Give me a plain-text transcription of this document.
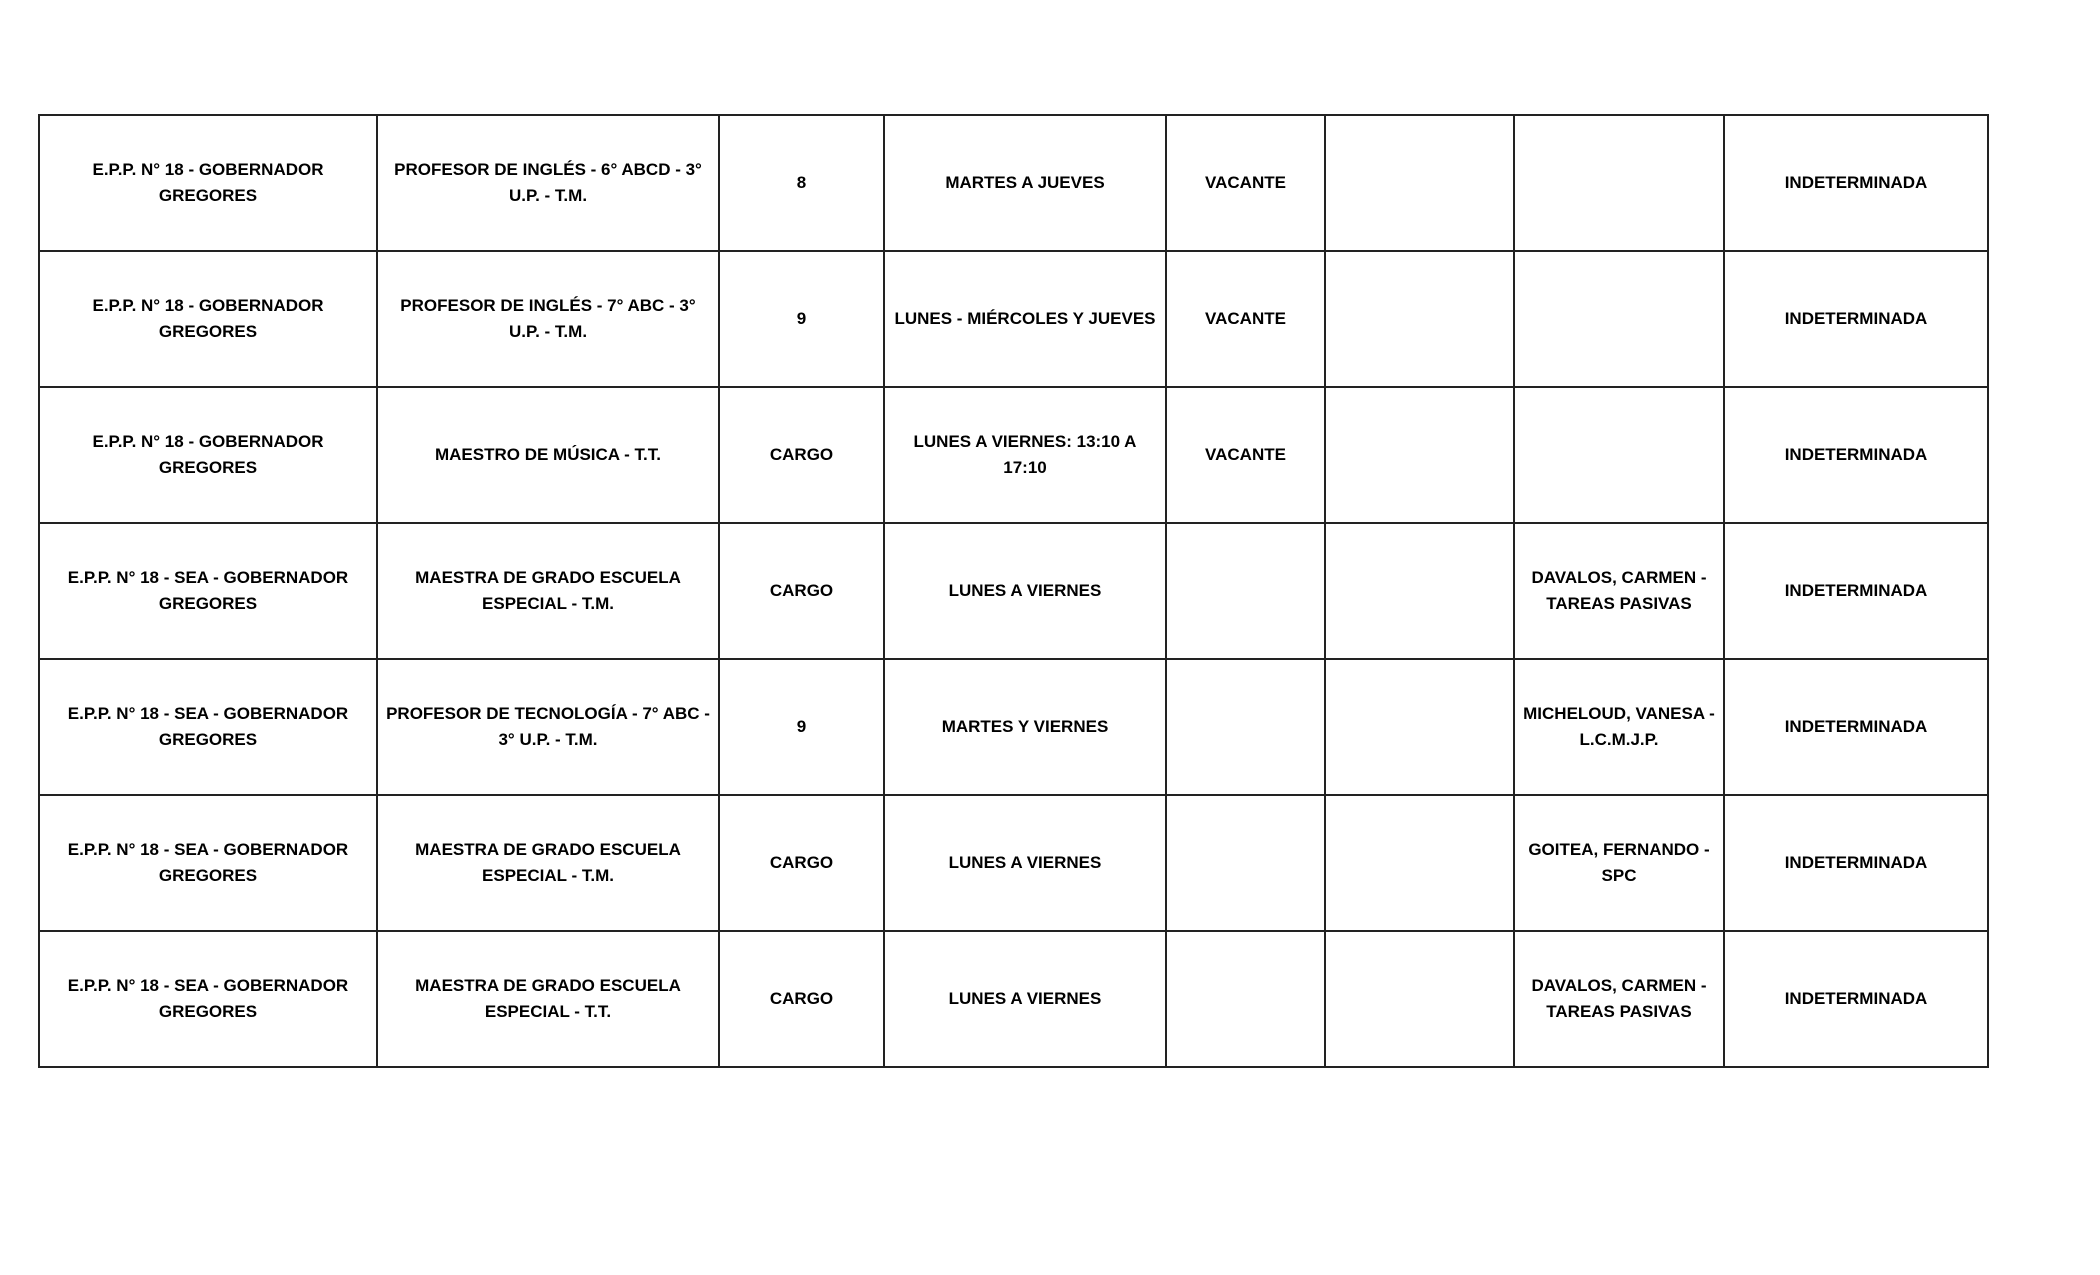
E.P.P. N° 18 - GOBERNADOR GREGORES	PROFESOR DE INGLÉS - 6° ABCD - 3° U.P. - T.M.	8	MARTES A JUEVES	VACANTE			INDETERMINADA
E.P.P. N° 18 - GOBERNADOR GREGORES	PROFESOR DE INGLÉS - 7° ABC - 3° U.P. - T.M.	9	LUNES - MIÉRCOLES Y JUEVES	VACANTE			INDETERMINADA
E.P.P. N° 18 - GOBERNADOR GREGORES	MAESTRO DE MÚSICA - T.T.	CARGO	LUNES A VIERNES: 13:10 A 17:10	VACANTE			INDETERMINADA
E.P.P. N° 18 - SEA - GOBERNADOR GREGORES	MAESTRA DE GRADO ESCUELA ESPECIAL - T.M.	CARGO	LUNES A VIERNES			DAVALOS, CARMEN - TAREAS PASIVAS	INDETERMINADA
E.P.P. N° 18 - SEA - GOBERNADOR GREGORES	PROFESOR DE TECNOLOGÍA - 7° ABC - 3° U.P. - T.M.	9	MARTES Y VIERNES			MICHELOUD, VANESA - L.C.M.J.P.	INDETERMINADA
E.P.P. N° 18 - SEA - GOBERNADOR GREGORES	MAESTRA DE GRADO ESCUELA ESPECIAL - T.M.	CARGO	LUNES A VIERNES			GOITEA, FERNANDO - SPC	INDETERMINADA
E.P.P. N° 18 - SEA - GOBERNADOR GREGORES	MAESTRA DE GRADO ESCUELA ESPECIAL - T.T.	CARGO	LUNES A VIERNES			DAVALOS, CARMEN - TAREAS PASIVAS	INDETERMINADA
